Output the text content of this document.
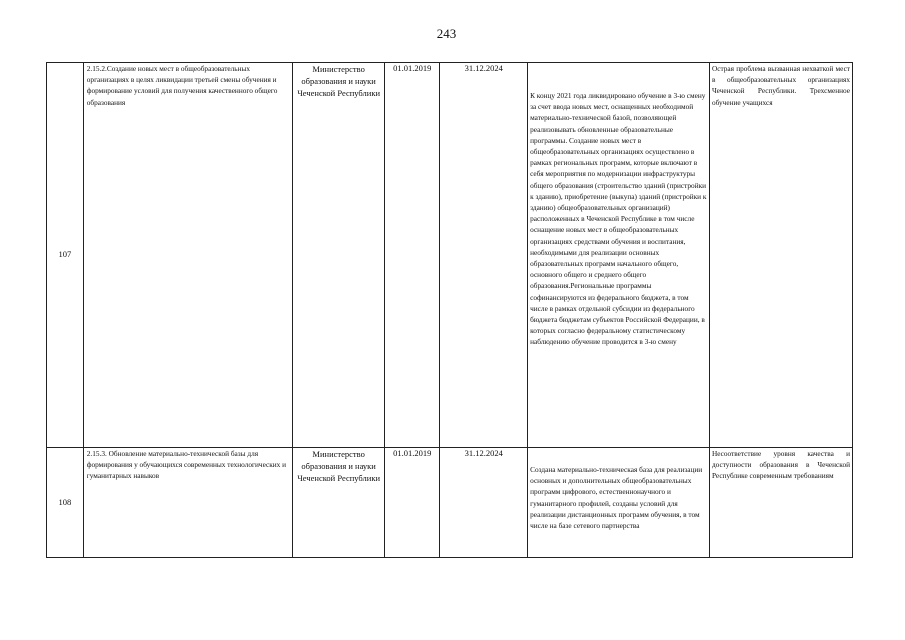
243
107	2.15.2.Создание новых мест в общеобразовательных организациях в целях ликвидации третьей смены обучения и формирование условий для получения качественного общего образования	Министерство образования и науки Чеченской Республики	01.01.2019	31.12.2024	К концу 2021 года ликвидировано обучение в 3-ю смену за счет ввода новых мест, оснащенных необходимой материально-технической базой, позволяющей реализовывать обновленные образовательные программы. Создание новых мест в общеобразовательных организациях осуществлено в рамках региональных программ, которые включают в себя мероприятия по модернизации инфраструктуры общего образования (строительство зданий (пристройки к зданию), приобретение (выкупа) зданий (пристройки к зданию) общеобразовательных организаций) расположенных в Чеченской Республике в том числе оснащение новых мест в общеобразовательных организациях средствами обучения и воспитания, необходимыми для реализации основных образовательных программ начального общего, основного общего и среднего общего образования.Региональные программы софинансируются из федерального бюджета, в том числе в рамках отдельной субсидии из федерального бюджета бюджетам субъектов Российской Федерации, в которых согласно федеральному статистическому наблюдению обучение проводится в 3-ю смену	Острая проблема вызванная нехваткой мест в общеобразовательных организациях Чеченской Республики. Трехсменное обучение учащихся

108	2.15.3. Обновление материально-технической базы для формирования у обучающихся современных технологических и гуманитарных навыков	Министерство образования и науки Чеченской Республики	01.01.2019	31.12.2024	Создана материально-техническая база для реализации основных и дополнительных общеобразовательных программ цифрового, естественнонаучного и гуманитарного профилей, созданы условий для реализации дистанционных программ обучения, в том числе на базе сетевого партнерства	Несоответствие уровня качества и доступности образования в Чеченской Республике современным требованиям
